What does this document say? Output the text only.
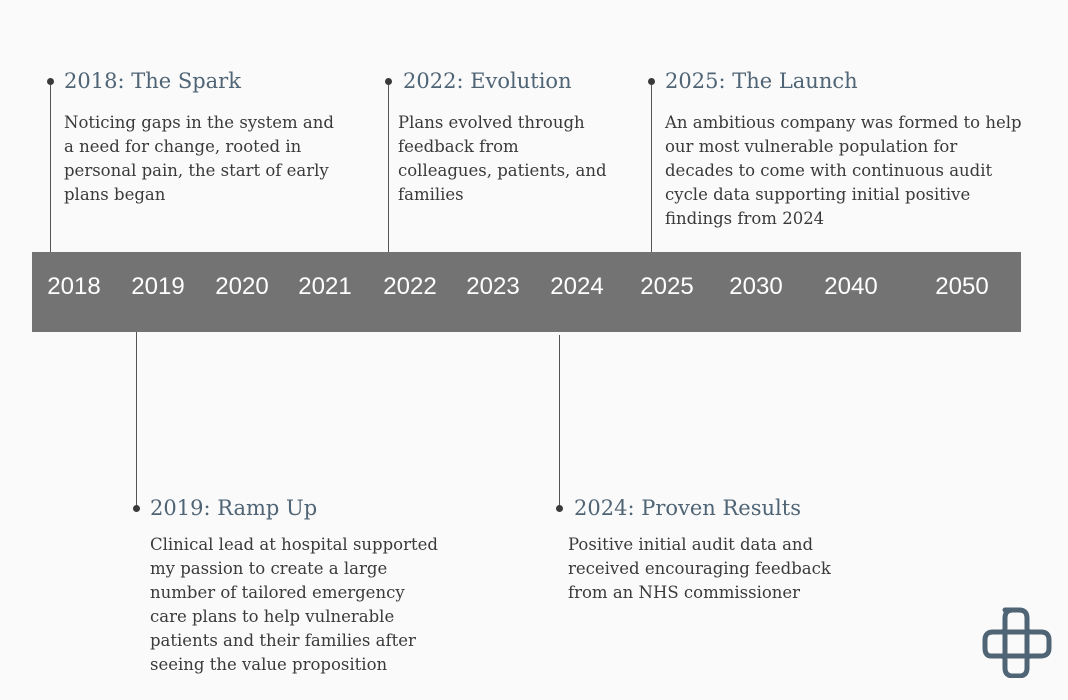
2018 2019 2020 2021 2022 2023 2024 2025 2030 2040 2050
2018: The Spark
Noticing gaps in the system and
a need for change, rooted in
personal pain, the start of early
plans began
2022: Evolution
Plans evolved through
feedback from
colleagues, patients, and
families
2025: The Launch
An ambitious company was formed to help
our most vulnerable population for
decades to come with continuous audit
cycle data supporting initial positive
findings from 2024
2019: Ramp Up
Clinical lead at hospital supported
my passion to create a large
number of tailored emergency
care plans to help vulnerable
patients and their families after
seeing the value proposition
2024: Proven Results
Positive initial audit data and
received encouraging feedback
from an NHS commissioner
